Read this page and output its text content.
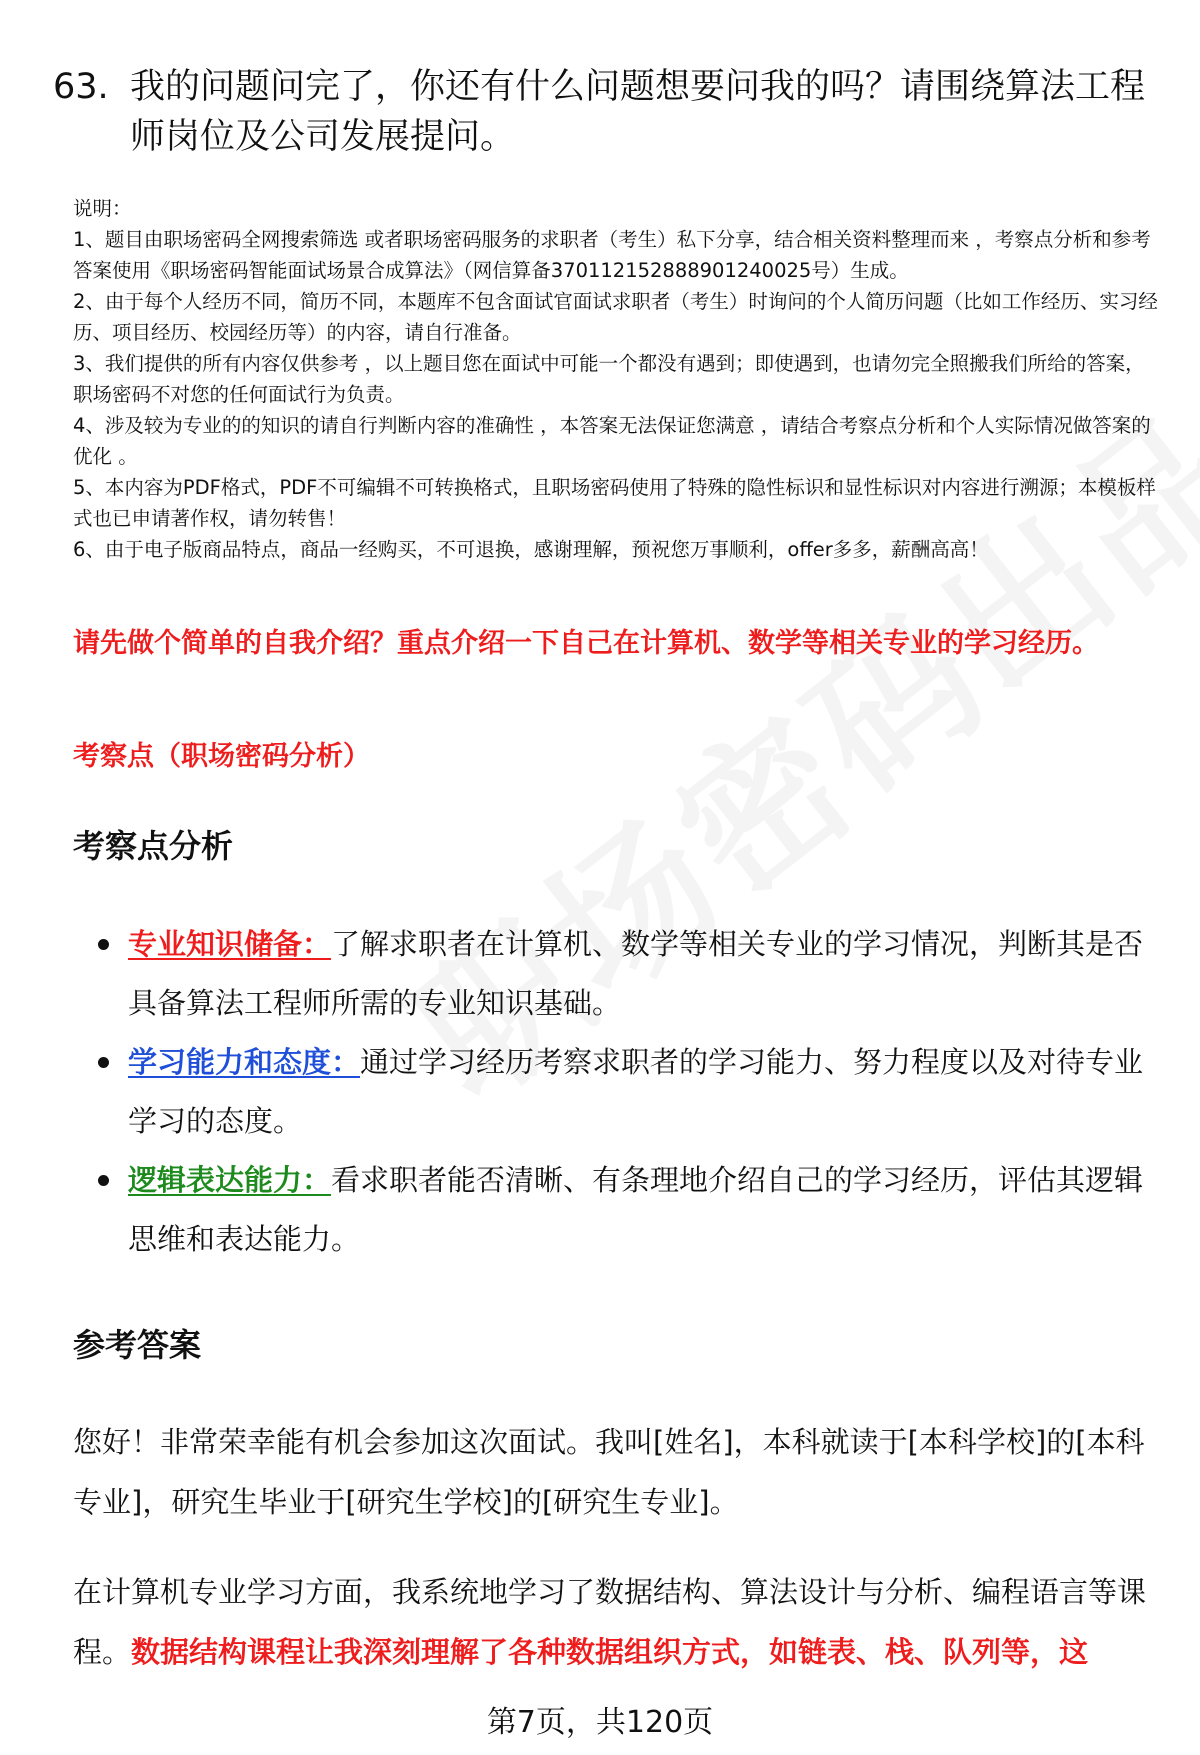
63. 我的问题问完了，你还有什么问题想要问我的吗？请围绕算法工程师岗位及公司发展提问。
说明：
1、题目由职场密码全网搜索筛选 或者职场密码服务的求职者（考生）私下分享，结合相关资料整理而来 ，考察点分析和参考答案使用《职场密码智能面试场景合成算法》（网信算备370112152888901240025号）生成。
2、由于每个人经历不同，简历不同，本题库不包含面试官面试求职者（考生）时询问的个人简历问题（比如工作经历、实习经历、项目经历、校园经历等）的内容，请自行准备。
3、我们提供的所有内容仅供参考 ，以上题目您在面试中可能一个都没有遇到；即使遇到，也请勿完全照搬我们所给的答案，职场密码不对您的任何面试行为负责。
4、涉及较为专业的的知识的请自行判断内容的准确性 ，本答案无法保证您满意 ，请结合考察点分析和个人实际情况做答案的优化 。
5、本内容为PDF格式，PDF不可编辑不可转换格式，且职场密码使用了特殊的隐性标识和显性标识对内容进行溯源；本模板样式也已申请著作权，请勿转售！
6、由于电子版商品特点，商品一经购买，不可退换，感谢理解，预祝您万事顺利，offer多多，薪酬高高！
请先做个简单的自我介绍？重点介绍一下自己在计算机、数学等相关专业的学习经历。
考察点（职场密码分析）
考察点分析
专业知识储备：了解求职者在计算机、数学等相关专业的学习情况，判断其是否具备算法工程师所需的专业知识基础。
学习能力和态度：通过学习经历考察求职者的学习能力、努力程度以及对待专业学习的态度。
逻辑表达能力：看求职者能否清晰、有条理地介绍自己的学习经历，评估其逻辑思维和表达能力。
参考答案
您好！非常荣幸能有机会参加这次面试。我叫[姓名]，本科就读于[本科学校]的[本科专业]，研究生毕业于[研究生学校]的[研究生专业]。
在计算机专业学习方面，我系统地学习了数据结构、算法设计与分析、编程语言等课程。数据结构课程让我深刻理解了各种数据组织方式，如链表、栈、队列等，这
第7页，共120页
